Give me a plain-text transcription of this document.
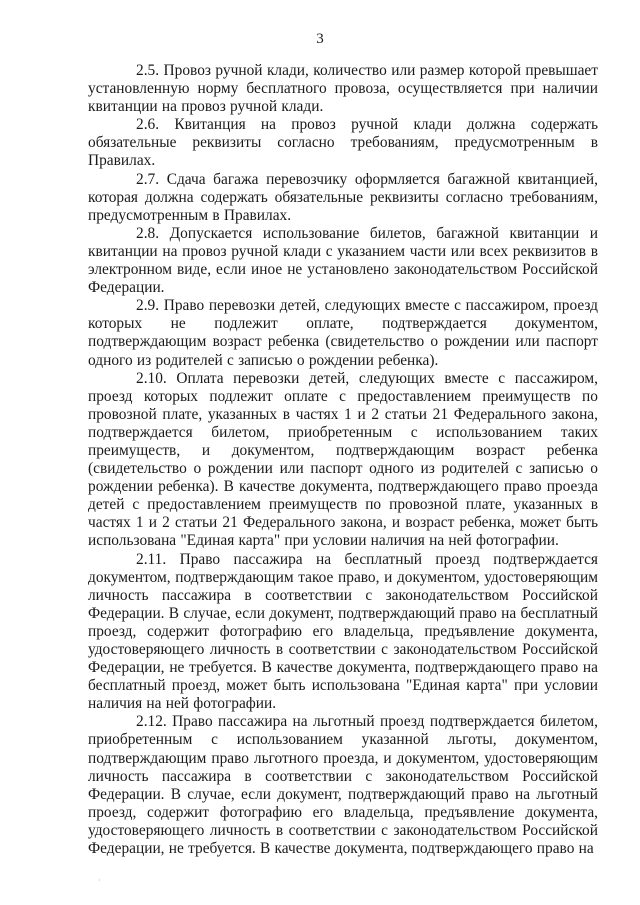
3

2.5. Провоз ручной клади, количество или размер которой превышает установленную норму бесплатного провоза, осуществляется при наличии квитанции на провоз ручной клади.

2.6. Квитанция на провоз ручной клади должна содержать обязательные реквизиты согласно требованиям, предусмотренным в Правилах.

2.7. Сдача багажа перевозчику оформляется багажной квитанцией, которая должна содержать обязательные реквизиты согласно требованиям, предусмотренным в Правилах.

2.8. Допускается использование билетов, багажной квитанции и квитанции на провоз ручной клади с указанием части или всех реквизитов в электронном виде, если иное не установлено законодательством Российской Федерации.

2.9. Право перевозки детей, следующих вместе с пассажиром, проезд которых не подлежит оплате, подтверждается документом, подтверждающим возраст ребенка (свидетельство о рождении или паспорт одного из родителей с записью о рождении ребенка).

2.10. Оплата перевозки детей, следующих вместе с пассажиром, проезд которых подлежит оплате с предоставлением преимуществ по провозной плате, указанных в частях 1 и 2 статьи 21 Федерального закона, подтверждается билетом, приобретенным с использованием таких преимуществ, и документом, подтверждающим возраст ребенка (свидетельство о рождении или паспорт одного из родителей с записью о рождении ребенка). В качестве документа, подтверждающего право проезда детей с предоставлением преимуществ по провозной плате, указанных в частях 1 и 2 статьи 21 Федерального закона, и возраст ребенка, может быть использована "Единая карта" при условии наличия на ней фотографии.

2.11. Право пассажира на бесплатный проезд подтверждается документом, подтверждающим такое право, и документом, удостоверяющим личность пассажира в соответствии с законодательством Российской Федерации. В случае, если документ, подтверждающий право на бесплатный проезд, содержит фотографию его владельца, предъявление документа, удостоверяющего личность в соответствии с законодательством Российской Федерации, не требуется. В качестве документа, подтверждающего право на бесплатный проезд, может быть использована "Единая карта" при условии наличия на ней фотографии.

2.12. Право пассажира на льготный проезд подтверждается билетом, приобретенным с использованием указанной льготы, документом, подтверждающим право льготного проезда, и документом, удостоверяющим личность пассажира в соответствии с законодательством Российской Федерации. В случае, если документ, подтверждающий право на льготный проезд, содержит фотографию его владельца, предъявление документа, удостоверяющего личность в соответствии с законодательством Российской Федерации, не требуется. В качестве документа, подтверждающего право на

·
